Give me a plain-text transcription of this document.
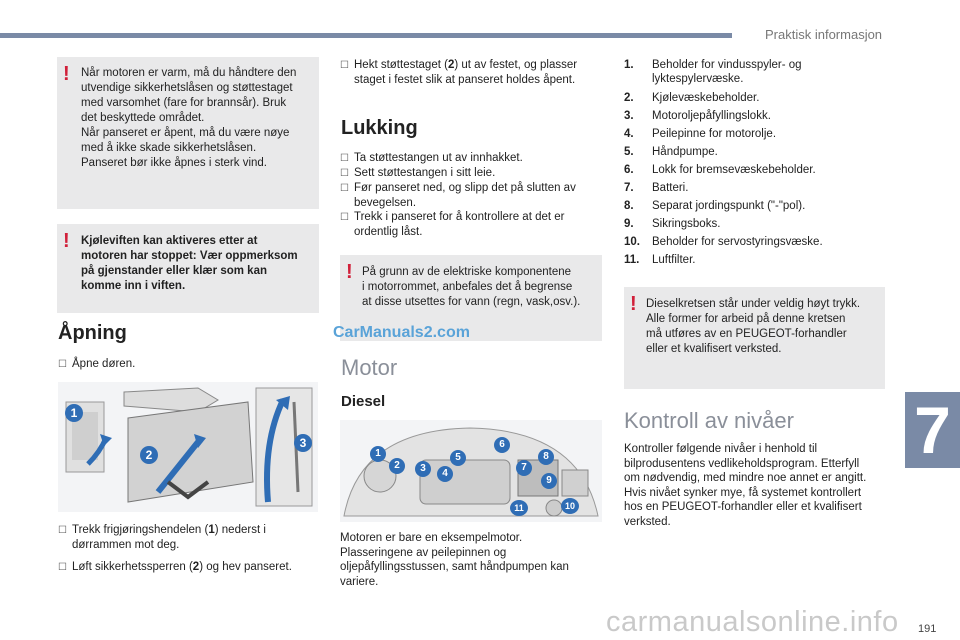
Praktisk informasjon
7
! Når motoren er varm, må du håndtere den

utvendige sikkerhetslåsen og støttestaget

med varsomhet (fare for brannsår). Bruk

det beskyttede området.

Når panseret er åpent, må du være nøye

med å ikke skade sikkerhetslåsen.

Panseret bør ikke åpnes i sterk vind.

! Kjøleviften kan aktiveres etter at

motoren har stoppet: Vær oppmerksom

på gjenstander eller klær som kan

komme inn i viften.

Åpning
☐ Åpne døren.
1
2
3
☐ Trekk frigjøringshendelen (1) nederst i
dørrammen mot deg.
☐ Løft sikkerhetssperren (2) og hev panseret.
☐ Hekt støttestaget (2) ut av festet, og plasser
staget i festet slik at panseret holdes åpent.
Lukking
☐ Ta støttestangen ut av innhakket.
☐ Sett støttestangen i sitt leie.
☐ Før panseret ned, og slipp det på slutten av
bevegelsen.
☐ Trekk i panseret for å kontrollere at det er
ordentlig låst.
! På grunn av de elektriske komponentene

i motorrommet, anbefales det å begrense

at disse utsettes for vann (regn, vask,osv.).

CarManuals2.com
Motor
Diesel
1
2	3	4
5
6
7
8
9
10
11
Motoren er bare en eksempelmotor.
Plasseringene av peilepinnen og
oljepåfyllingsstussen, samt håndpumpen kan
variere.
1. Beholder for vindusspyler- og
lyktespylervæske.
2. Kjølevæskebeholder.
3. Motoroljepåfyllingslokk.
4. Peilepinne for motorolje.
5. Håndpumpe.
6. Lokk for bremsevæskebeholder.
7. Batteri.
8. Separat jordingspunkt ("-"pol).
9. Sikringsboks.
10. Beholder for servostyringsvæske.
11. Luftfilter.
! Dieselkretsen står under veldig høyt trykk.

Alle former for arbeid på denne kretsen

må utføres av en PEUGEOT-forhandler

eller et kvalifisert verksted.

Kontroll av nivåer
Kontroller følgende nivåer i henhold til
bilprodusentens vedlikeholdsprogram. Etterfyll
om nødvendig, med mindre noe annet er angitt.
Hvis nivået synker mye, få systemet kontrollert
hos en PEUGEOT-forhandler eller et kvalifisert
verksted.
carmanualsonline.info 191
